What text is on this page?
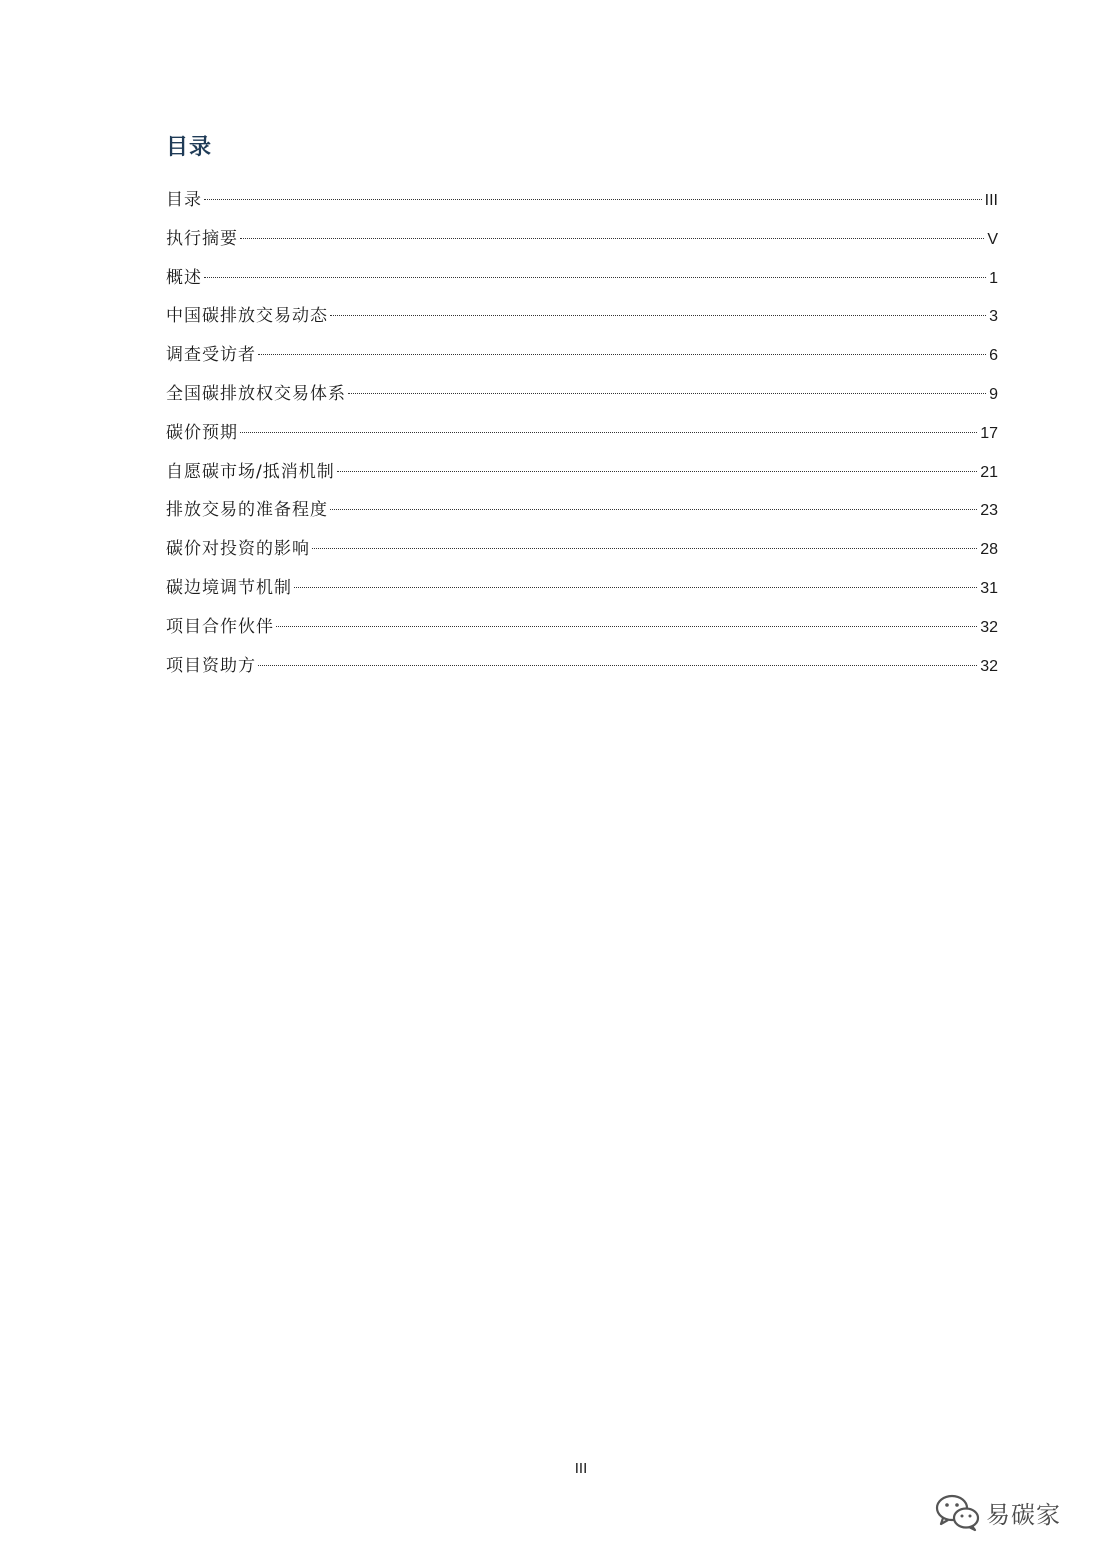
目录
目录	III
执行摘要	V
概述	1
中国碳排放交易动态	3
调查受访者	6
全国碳排放权交易体系	9
碳价预期	17
自愿碳市场/抵消机制	21
排放交易的准备程度	23
碳价对投资的影响	28
碳边境调节机制	31
项目合作伙伴	32
项目资助方	32
III
易碳家
